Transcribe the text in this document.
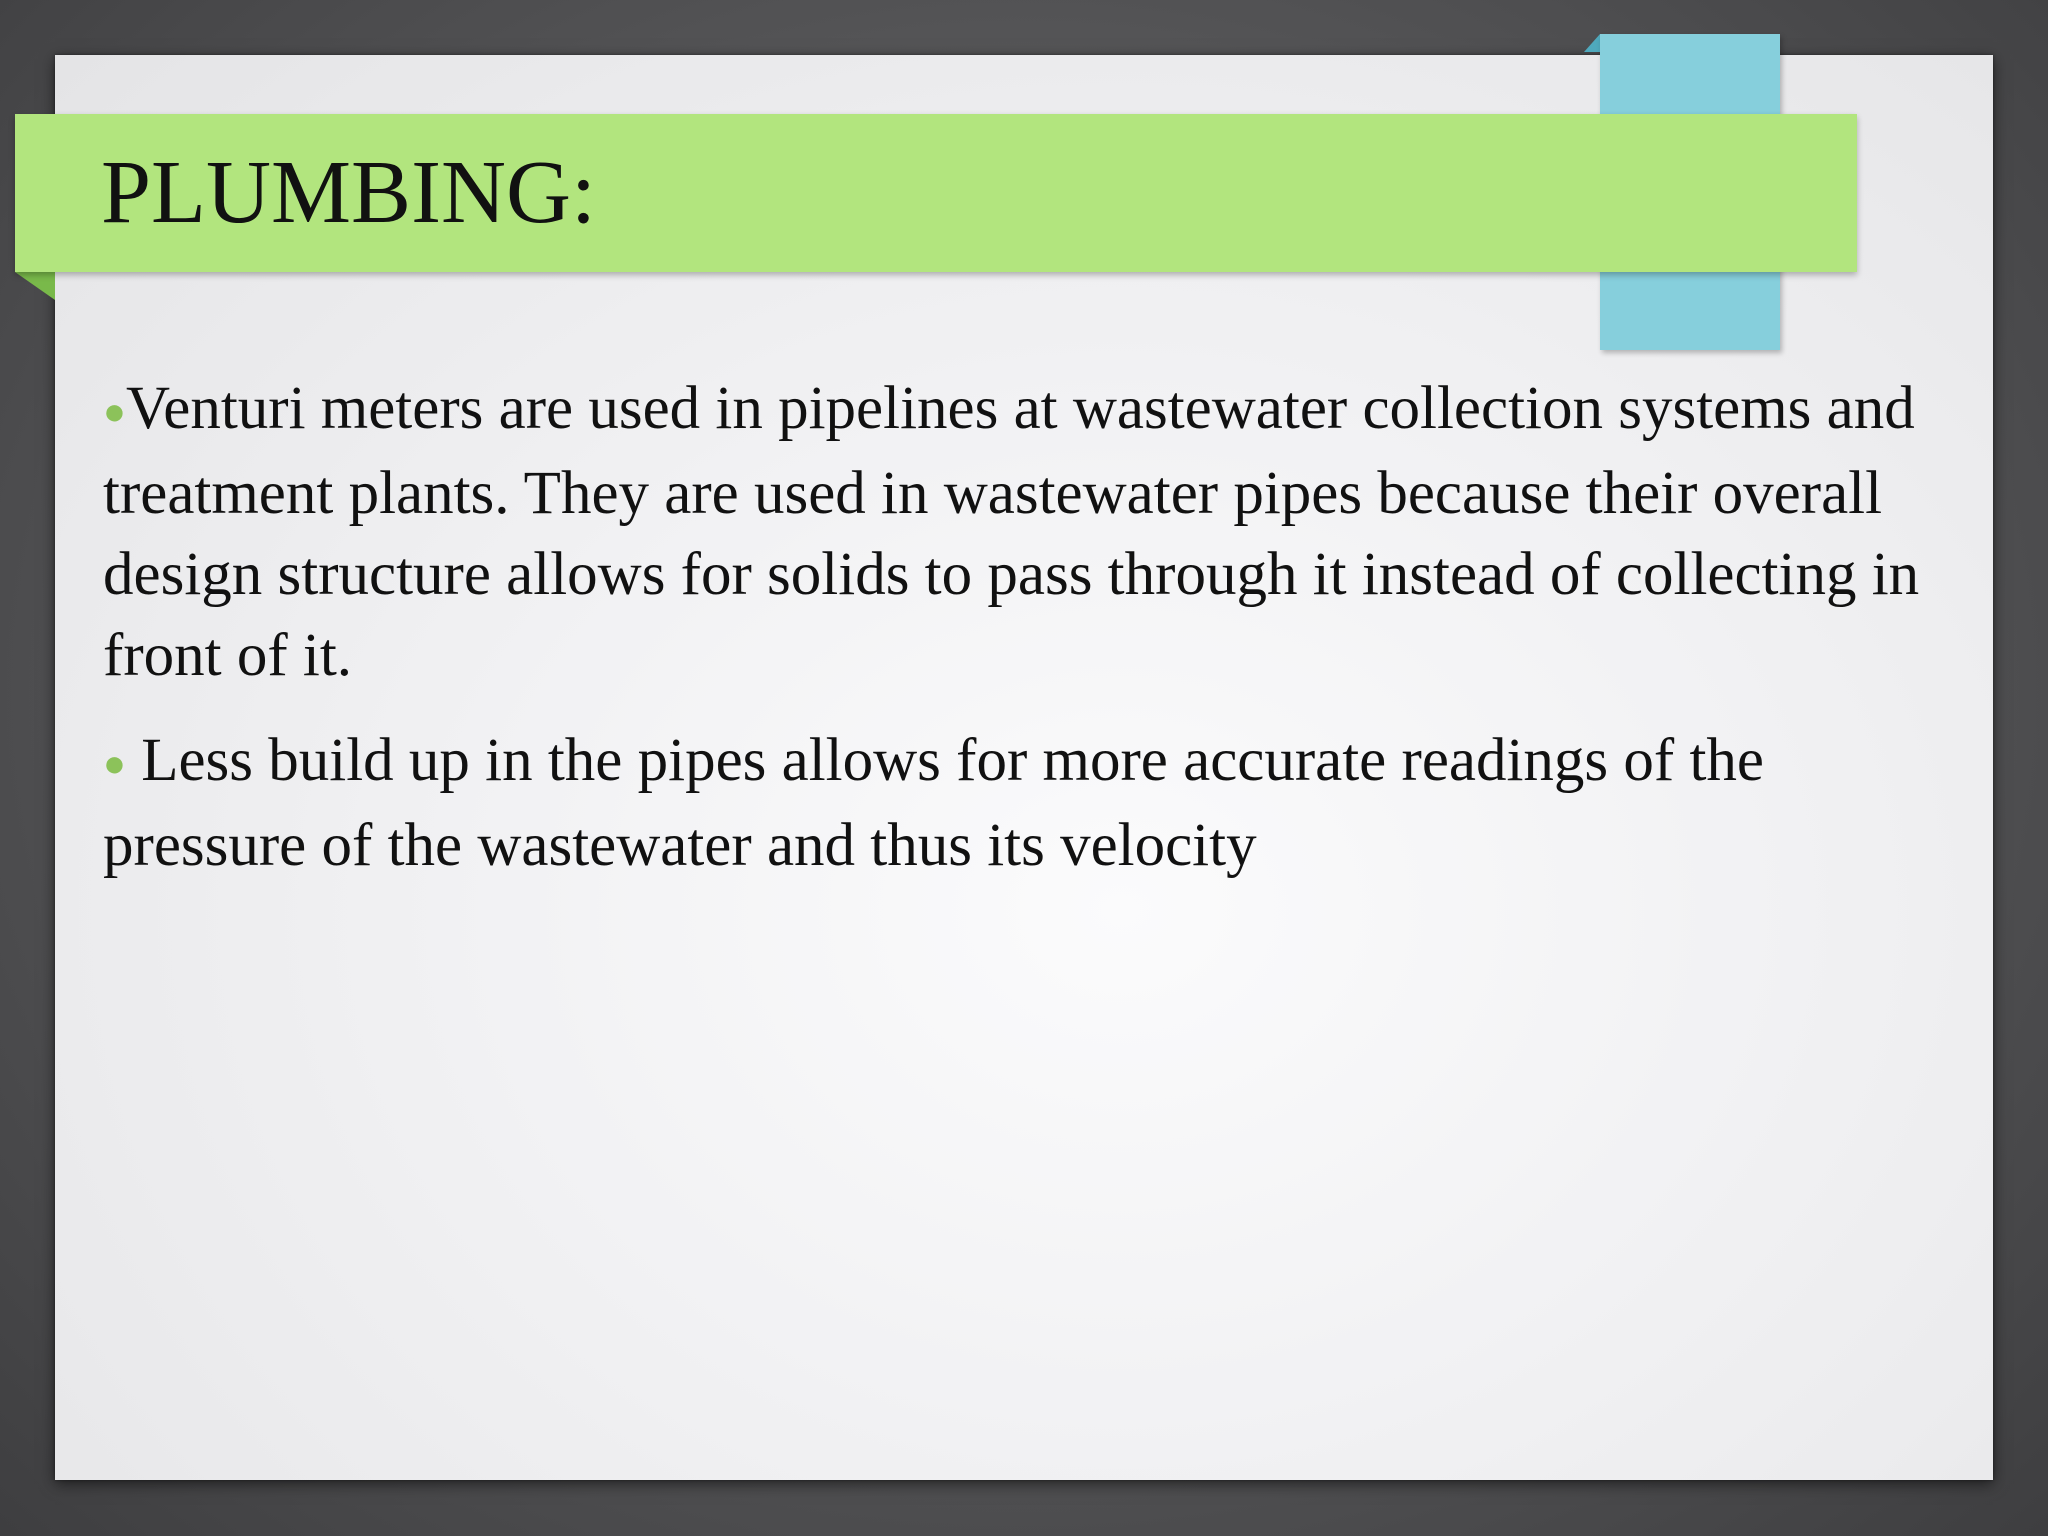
PLUMBING:

●Venturi meters are used in pipelines at wastewater collection systems and treatment plants. They are used in wastewater pipes because their overall design structure allows for solids to pass through it instead of collecting in front of it.

● Less build up in the pipes allows for more accurate readings of the pressure of the wastewater and thus its velocity
